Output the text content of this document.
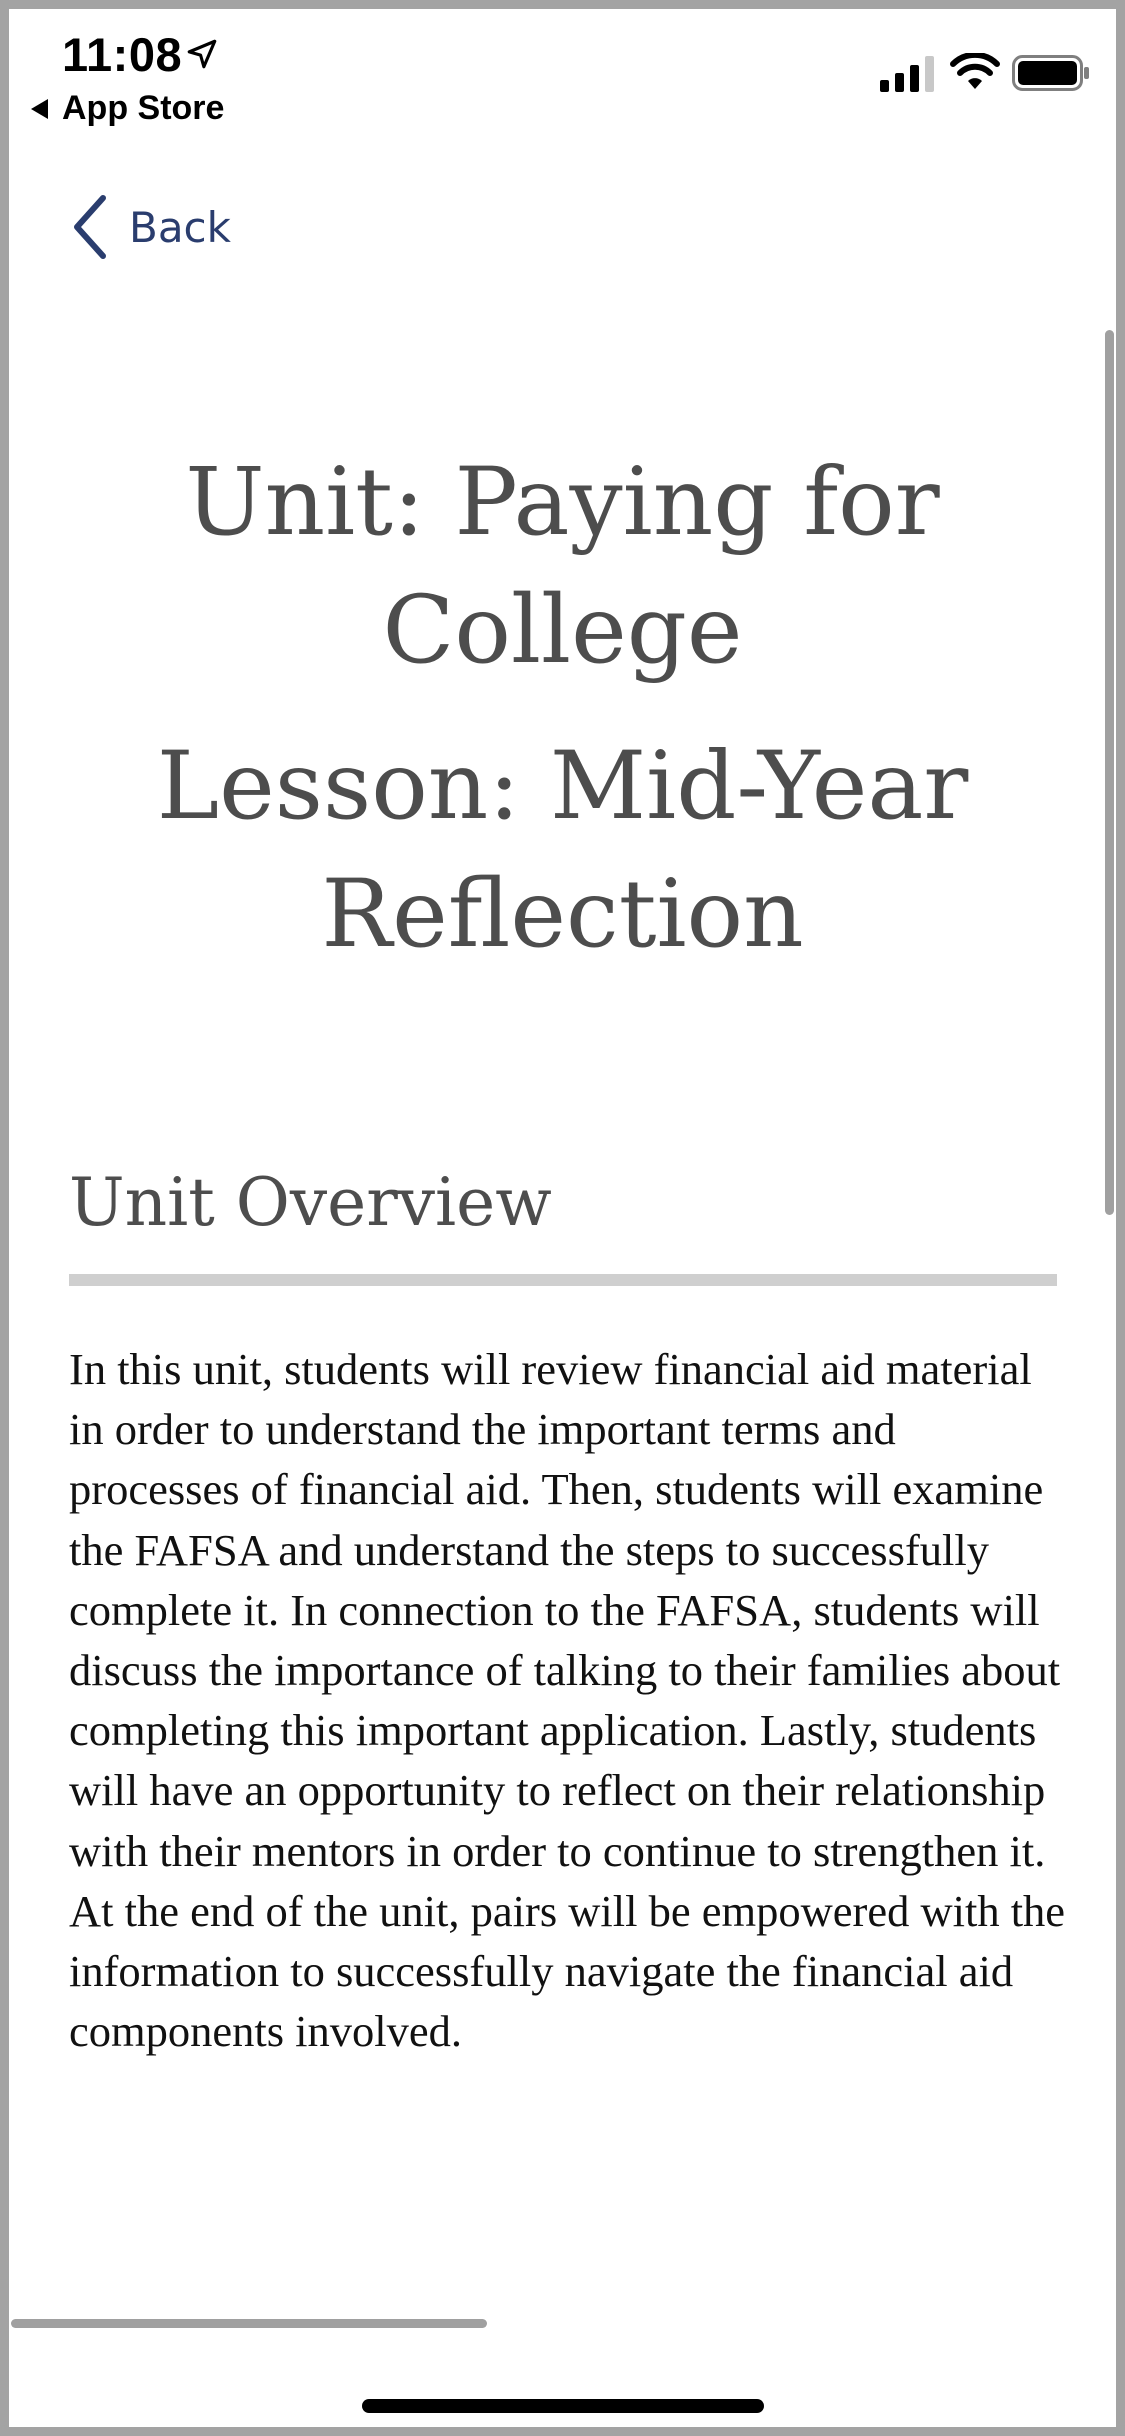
11:08
App Store
Back
Unit: Paying for College
Lesson: Mid-Year Reflection
Unit Overview

In this unit, students will review financial aid material in order to understand the important terms and processes of financial aid. Then, students will examine the FAFSA and understand the steps to successfully complete it. In connection to the FAFSA, students will discuss the importance of talking to their families about completing this important application. Lastly, students will have an opportunity to reflect on their relationship with their mentors in order to continue to strengthen it. At the end of the unit, pairs will be empowered with the information to successfully navigate the financial aid components involved.
